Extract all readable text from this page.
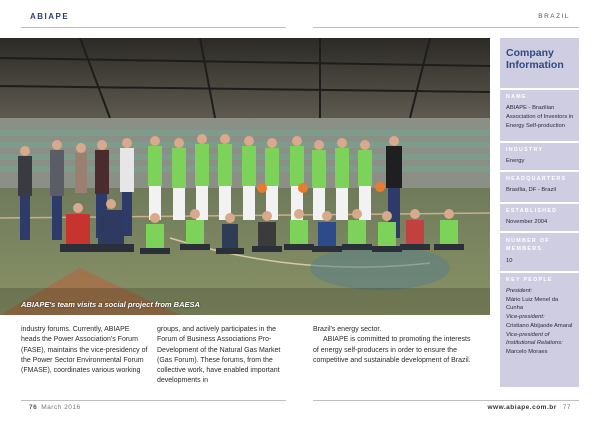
ABIAPE	BRAZIL
ABIAPE's team visits a social project from BAESA
Company Information
NAME
ABIAPE - Brazilian Association of Investors in Energy Self-production
INDUSTRY
Energy
HEADQUARTERS
Brasília, DF - Brazil
ESTABLISHED
November 2004
NUMBER OF MEMBERS
10
KEY PEOPLE
President:
Mário Luiz Menel da Cunha
Vice-president:
Cristiano Abijaode Amaral
Vice-president of Institutional Relations:
Marcelo Moraes

industry forums. Currently, ABIAPE heads the Power Association's Forum (FASE), maintains the vice-presidency of the Power Sector Environmental Forum (FMASE), coordinates various working

groups, and actively participates in the Forum of Business Associations Pro-Development of the Natural Gas Market (Gas Forum). These forums, from the collective work, have enabled important developments in

Brazil's energy sector.

ABIAPE is committed to promoting the interests of energy self-producers in order to ensure the competitive and sustainable development of Brazil.

76 March 2016	www.abiape.com.br 77
